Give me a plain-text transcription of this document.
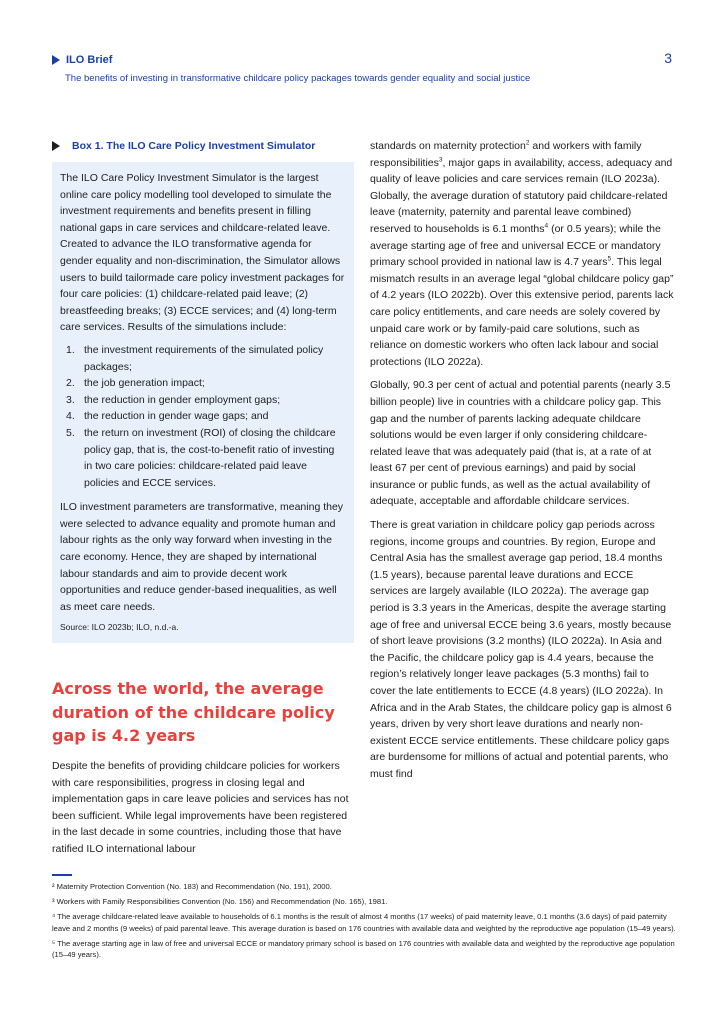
ILO Brief	3
The benefits of investing in transformative childcare policy packages towards gender equality and social justice
Box 1. The ILO Care Policy Investment Simulator

The ILO Care Policy Investment Simulator is the largest online care policy modelling tool developed to simulate the investment requirements and benefits present in filling national gaps in care services and childcare-related leave. Created to advance the ILO transformative agenda for gender equality and non-discrimination, the Simulator allows users to build tailormade care policy investment packages for four care policies: (1) childcare-related paid leave; (2) breastfeeding breaks; (3) ECCE services; and (4) long-term care services. Results of the simulations include:

1. the investment requirements of the simulated policy packages;
2. the job generation impact;
3. the reduction in gender employment gaps;
4. the reduction in gender wage gaps; and
5. the return on investment (ROI) of closing the childcare policy gap, that is, the cost-to-benefit ratio of investing in two care policies: childcare-related paid leave policies and ECCE services.

ILO investment parameters are transformative, meaning they were selected to advance equality and promote human and labour rights as the only way forward when investing in the care economy. Hence, they are shaped by international labour standards and aim to provide decent work opportunities and reduce gender-based inequalities, as well as meet care needs.

Source: ILO 2023b; ILO, n.d.-a.

Across the world, the average duration of the childcare policy gap is 4.2 years

Despite the benefits of providing childcare policies for workers with care responsibilities, progress in closing legal and implementation gaps in care leave policies and services has not been sufficient. While legal improvements have been registered in the last decade in some countries, including those that have ratified ILO international labour

standards on maternity protection$^2$ and workers with family responsibilities$^3$, major gaps in availability, access, adequacy and quality of leave policies and care services remain (ILO 2023a). Globally, the average duration of statutory paid childcare-related leave (maternity, paternity and parental leave combined) reserved to households is 6.1 months$^4$ (or 0.5 years); while the average starting age of free and universal ECCE or mandatory primary school provided in national law is 4.7 years$^5$. This legal mismatch results in an average legal “global childcare policy gap” of 4.2 years (ILO 2022b). Over this extensive period, parents lack care policy entitlements, and care needs are solely covered by unpaid care work or by family-paid care solutions, such as reliance on domestic workers who often lack labour and social protections (ILO 2022a).

Globally, 90.3 per cent of actual and potential parents (nearly 3.5 billion people) live in countries with a childcare policy gap. This gap and the number of parents lacking adequate childcare solutions would be even larger if only considering childcare-related leave that was adequately paid (that is, at a rate of at least 67 per cent of previous earnings) and paid by social insurance or public funds, as well as the actual availability of adequate, acceptable and affordable childcare services.

There is great variation in childcare policy gap periods across regions, income groups and countries. By region, Europe and Central Asia has the smallest average gap period, 18.4 months (1.5 years), because parental leave durations and ECCE services are largely available (ILO 2022a). The average gap period is 3.3 years in the Americas, despite the average starting age of free and universal ECCE being 3.6 years, mostly because of short leave provisions (3.2 months) (ILO 2022a). In Asia and the Pacific, the childcare policy gap is 4.4 years, because the region’s relatively longer leave packages (5.3 months) fail to cover the late entitlements to ECCE (4.8 years) (ILO 2022a). In Africa and in the Arab States, the childcare policy gap is almost 6 years, driven by very short leave durations and nearly non-existent ECCE service entitlements. These childcare policy gaps are burdensome for millions of actual and potential parents, who must find

² Maternity Protection Convention (No. 183) and Recommendation (No. 191), 2000.

³ Workers with Family Responsibilities Convention (No. 156) and Recommendation (No. 165), 1981.

⁴ The average childcare-related leave available to households of 6.1 months is the result of almost 4 months (17 weeks) of paid maternity leave, 0.1 months (3.6 days) of paid paternity leave and 2 months (9 weeks) of paid parental leave. This average duration is based on 176 countries with available data and weighted by the reproductive age population (15–49 years).

⁵ The average starting age in law of free and universal ECCE or mandatory primary school is based on 176 countries with available data and weighted by the reproductive age population (15–49 years).
